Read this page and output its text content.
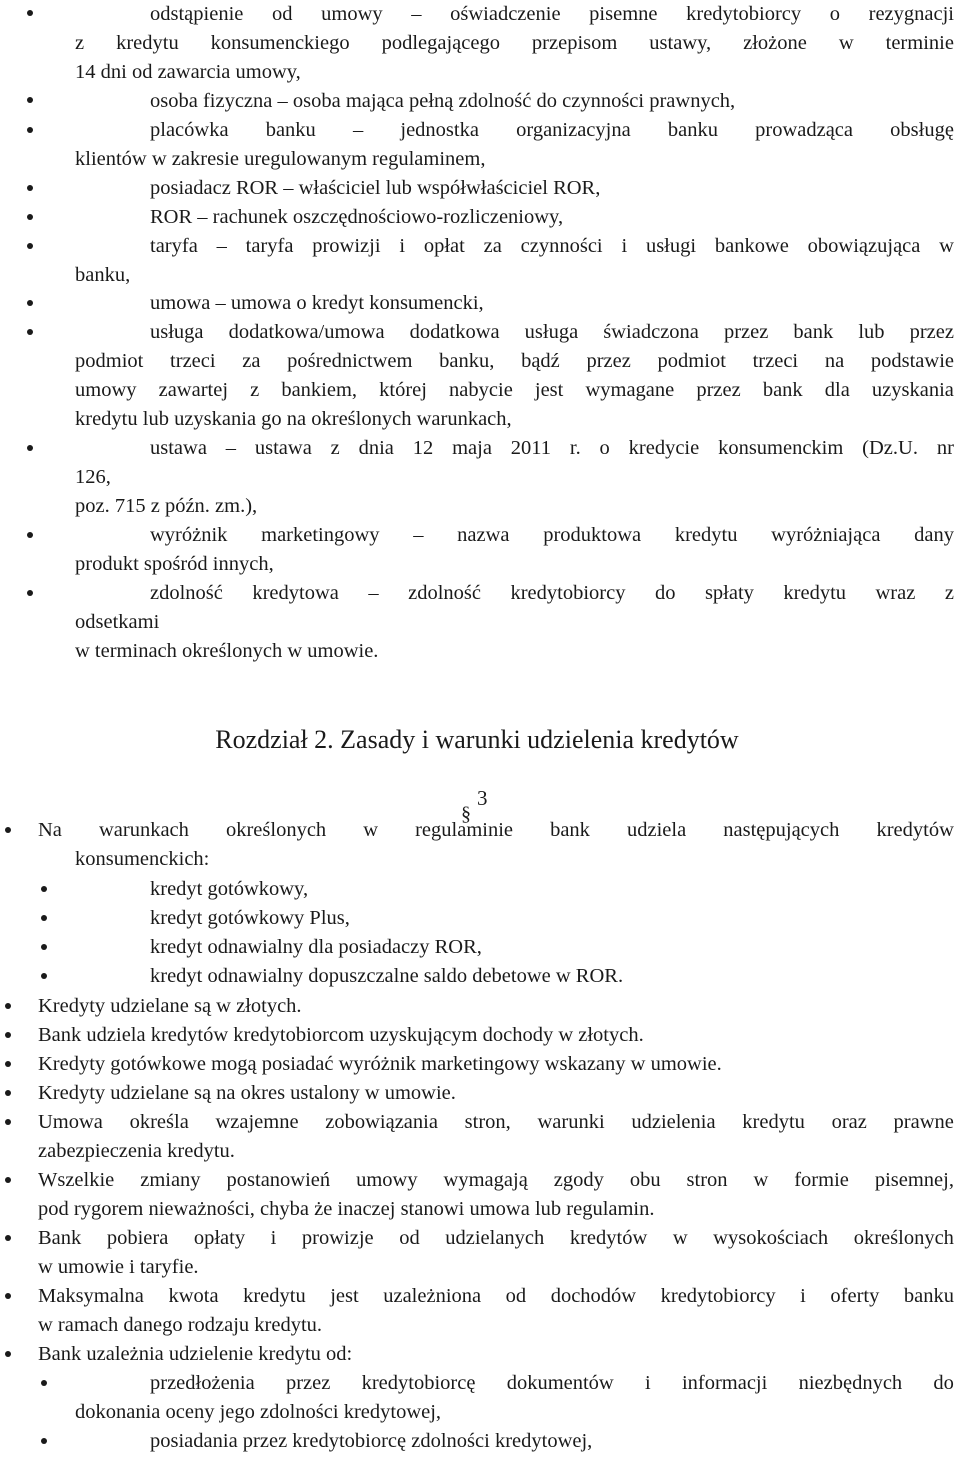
odstąpienie od umowy – oświadczenie pisemne kredytobiorcy o rezygnacji
z kredytu konsumenckiego podlegającego przepisom ustawy, złożone w terminie
14 dni od zawarcia umowy,
osoba fizyczna – osoba mająca pełną zdolność do czynności prawnych,
placówka banku – jednostka organizacyjna banku prowadząca obsługę
klientów w zakresie uregulowanym regulaminem,
posiadacz ROR – właściciel lub współwłaściciel ROR,
ROR – rachunek oszczędnościowo-rozliczeniowy,
taryfa – taryfa prowizji i opłat za czynności i usługi bankowe obowiązująca w
banku,
umowa – umowa o kredyt konsumencki,
usługa dodatkowa/umowa dodatkowa usługa świadczona przez bank lub przez
podmiot trzeci za pośrednictwem banku, bądź przez podmiot trzeci na podstawie
umowy zawartej z bankiem, której nabycie jest wymagane przez bank dla uzyskania
kredytu lub uzyskania go na określonych warunkach,
ustawa – ustawa z dnia 12 maja 2011 r. o kredycie konsumenckim (Dz.U. nr
126,
poz. 715 z późn. zm.),
wyróżnik marketingowy – nazwa produktowa kredytu wyróżniająca dany
produkt spośród innych,
zdolność kredytowa – zdolność kredytobiorcy do spłaty kredytu wraz z
odsetkami
w terminach określonych w umowie.
Rozdział 2. Zasady i warunki udzielenia kredytów
§
3
Na warunkach określonych w regulaminie bank udziela następujących kredytów
konsumenckich:
kredyt gotówkowy,
kredyt gotówkowy Plus,
kredyt odnawialny dla posiadaczy ROR,
kredyt odnawialny dopuszczalne saldo debetowe w ROR.
Kredyty udzielane są w złotych.
Bank udziela kredytów kredytobiorcom uzyskującym dochody w złotych.
Kredyty gotówkowe mogą posiadać wyróżnik marketingowy wskazany w umowie.
Kredyty udzielane są na okres ustalony w umowie.
Umowa określa wzajemne zobowiązania stron, warunki udzielenia kredytu oraz prawne
zabezpieczenia kredytu.
Wszelkie zmiany postanowień umowy wymagają zgody obu stron w formie pisemnej,
pod rygorem nieważności, chyba że inaczej stanowi umowa lub regulamin.
Bank pobiera opłaty i prowizje od udzielanych kredytów w wysokościach określonych
w umowie i taryfie.
Maksymalna kwota kredytu jest uzależniona od dochodów kredytobiorcy i oferty banku
w ramach danego rodzaju kredytu.
Bank uzależnia udzielenie kredytu od:
przedłożenia przez kredytobiorcę dokumentów i informacji niezbędnych do
dokonania oceny jego zdolności kredytowej,
posiadania przez kredytobiorcę zdolności kredytowej,
